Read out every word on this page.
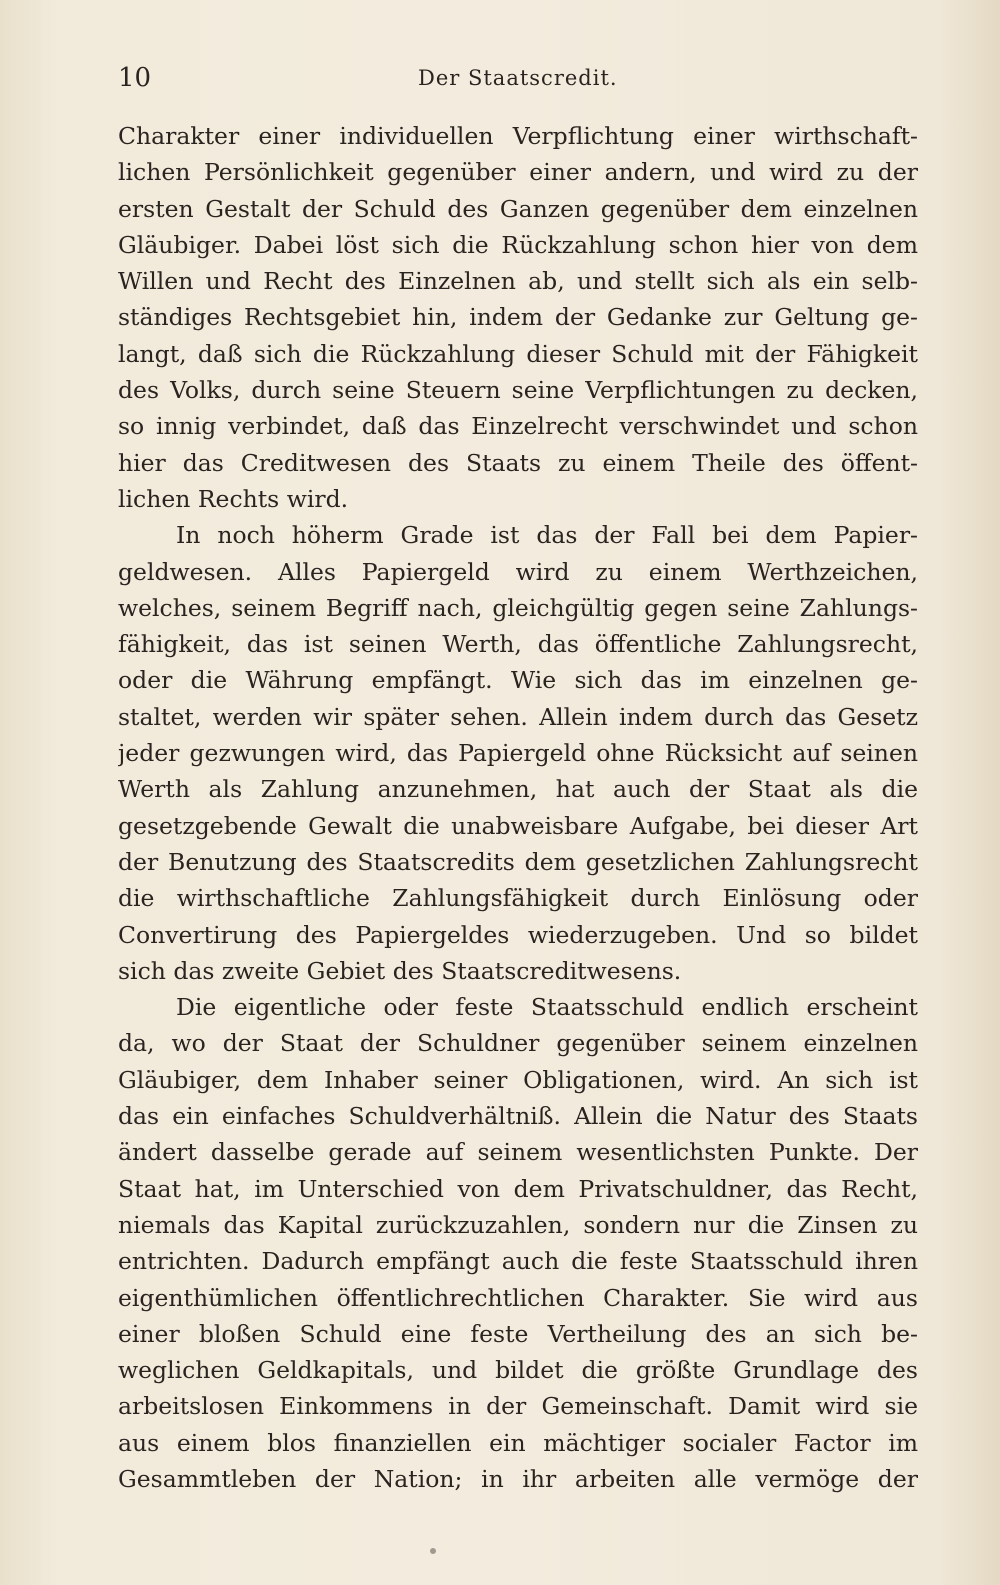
10	Der Staatscredit.
Charakter einer individuellen Verpflichtung einer wirthschaft-
lichen Persönlichkeit gegenüber einer andern, und wird zu der
ersten Gestalt der Schuld des Ganzen gegenüber dem einzelnen
Gläubiger. Dabei löst sich die Rückzahlung schon hier von dem
Willen und Recht des Einzelnen ab, und stellt sich als ein selb-
ständiges Rechtsgebiet hin, indem der Gedanke zur Geltung ge-
langt, daß sich die Rückzahlung dieser Schuld mit der Fähigkeit
des Volks, durch seine Steuern seine Verpflichtungen zu decken,
so innig verbindet, daß das Einzelrecht verschwindet und schon
hier das Creditwesen des Staats zu einem Theile des öffent-
lichen Rechts wird.
In noch höherm Grade ist das der Fall bei dem Papier-
geldwesen. Alles Papiergeld wird zu einem Werthzeichen,
welches, seinem Begriff nach, gleichgültig gegen seine Zahlungs-
fähigkeit, das ist seinen Werth, das öffentliche Zahlungsrecht,
oder die Währung empfängt. Wie sich das im einzelnen ge-
staltet, werden wir später sehen. Allein indem durch das Gesetz
jeder gezwungen wird, das Papiergeld ohne Rücksicht auf seinen
Werth als Zahlung anzunehmen, hat auch der Staat als die
gesetzgebende Gewalt die unabweisbare Aufgabe, bei dieser Art
der Benutzung des Staatscredits dem gesetzlichen Zahlungsrecht
die wirthschaftliche Zahlungsfähigkeit durch Einlösung oder
Convertirung des Papiergeldes wiederzugeben. Und so bildet
sich das zweite Gebiet des Staatscreditwesens.
Die eigentliche oder feste Staatsschuld endlich erscheint
da, wo der Staat der Schuldner gegenüber seinem einzelnen
Gläubiger, dem Inhaber seiner Obligationen, wird. An sich ist
das ein einfaches Schuldverhältniß. Allein die Natur des Staats
ändert dasselbe gerade auf seinem wesentlichsten Punkte. Der
Staat hat, im Unterschied von dem Privatschuldner, das Recht,
niemals das Kapital zurückzuzahlen, sondern nur die Zinsen zu
entrichten. Dadurch empfängt auch die feste Staatsschuld ihren
eigenthümlichen öffentlichrechtlichen Charakter. Sie wird aus
einer bloßen Schuld eine feste Vertheilung des an sich be-
weglichen Geldkapitals, und bildet die größte Grundlage des
arbeitslosen Einkommens in der Gemeinschaft. Damit wird sie
aus einem blos finanziellen ein mächtiger socialer Factor im
Gesammtleben der Nation; in ihr arbeiten alle vermöge der
